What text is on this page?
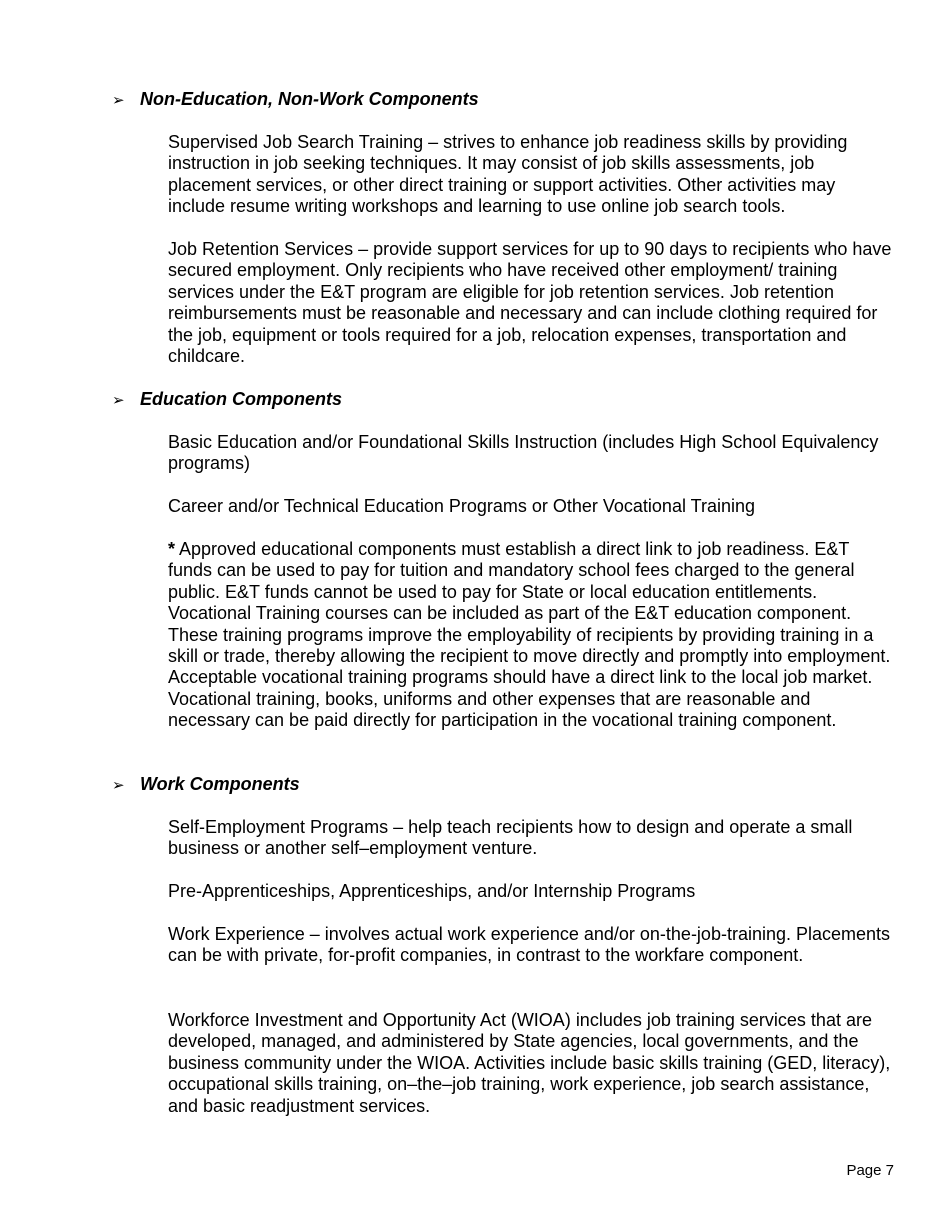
➢ Non-Education, Non-Work Components

Supervised Job Search Training – strives to enhance job readiness skills by providing instruction in job seeking techniques. It may consist of job skills assessments, job placement services, or other direct training or support activities. Other activities may include resume writing workshops and learning to use online job search tools.

Job Retention Services – provide support services for up to 90 days to recipients who have secured employment. Only recipients who have received other employment/ training services under the E&T program are eligible for job retention services. Job retention reimbursements must be reasonable and necessary and can include clothing required for the job, equipment or tools required for a job, relocation expenses, transportation and childcare.

➢ Education Components

Basic Education and/or Foundational Skills Instruction (includes High School Equivalency programs)

Career and/or Technical Education Programs or Other Vocational Training

* Approved educational components must establish a direct link to job readiness. E&T funds can be used to pay for tuition and mandatory school fees charged to the general public. E&T funds cannot be used to pay for State or local education entitlements. Vocational Training courses can be included as part of the E&T education component. These training programs improve the employability of recipients by providing training in a skill or trade, thereby allowing the recipient to move directly and promptly into employment. Acceptable vocational training programs should have a direct link to the local job market. Vocational training, books, uniforms and other expenses that are reasonable and necessary can be paid directly for participation in the vocational training component.

➢ Work Components

Self-Employment Programs – help teach recipients how to design and operate a small business or another self–employment venture.

Pre-Apprenticeships, Apprenticeships, and/or Internship Programs

Work Experience – involves actual work experience and/or on-the-job-training. Placements can be with private, for-profit companies, in contrast to the workfare component.

Workforce Investment and Opportunity Act (WIOA) includes job training services that are developed, managed, and administered by State agencies, local governments, and the business community under the WIOA. Activities include basic skills training (GED, literacy), occupational skills training, on–the–job training, work experience, job search assistance, and basic readjustment services.

Page 7
